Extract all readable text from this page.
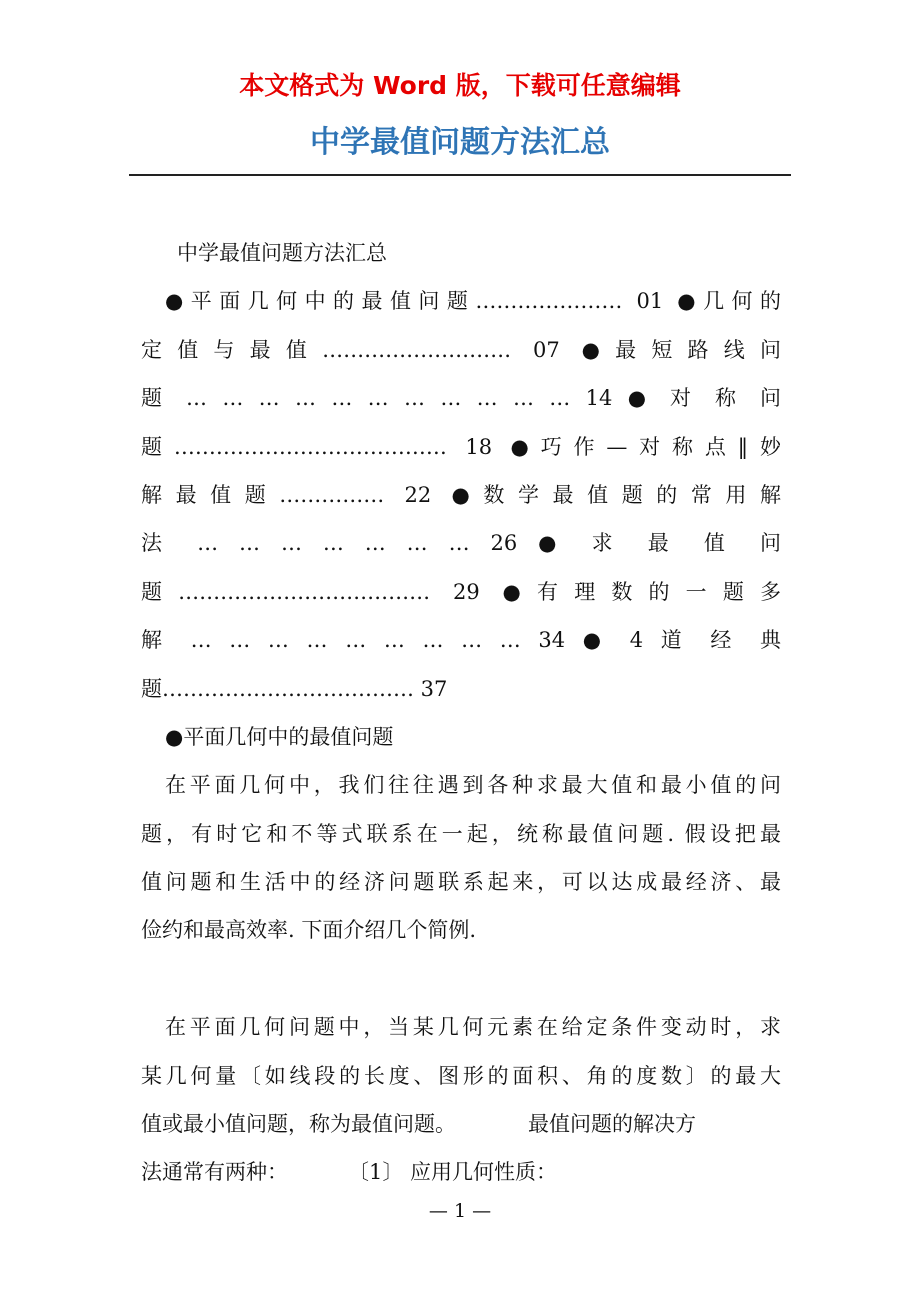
本文格式为 Word 版，下载可任意编辑
中学最值问题方法汇总
中学最值问题方法汇总
●平面几何中的最值问题………………… 01 ●几何的
定值与最值……………………… 07 ●最短路线问
题 … … … … … … … … … … … 14 ● 对 称 问
题………………………………… 18 ●巧作—对称点‖妙
解最值题…………… 22 ●数学最值题的常用解
法 … … … … … … … 26 ● 求 最 值 问
题……………………………… 29 ●有理数的一题多
解 … … … … … … … … … 34 ● 4 道 经 典
题……………………………… 37
●平面几何中的最值问题
在平面几何中，我们往往遇到各种求最大值和最小值的问
题，有时它和不等式联系在一起，统称最值问题. 假设把最
值问题和生活中的经济问题联系起来，可以达成最经济、最
俭约和最高效率. 下面介绍几个简例.
在平面几何问题中，当某几何元素在给定条件变动时，求
某几何量〔如线段的长度、图形的面积、角的度数〕的最大
值或最小值问题，称为最值问题。	最值问题的解决方
法通常有两种：	〔1〕 应用几何性质：
— 1 —
